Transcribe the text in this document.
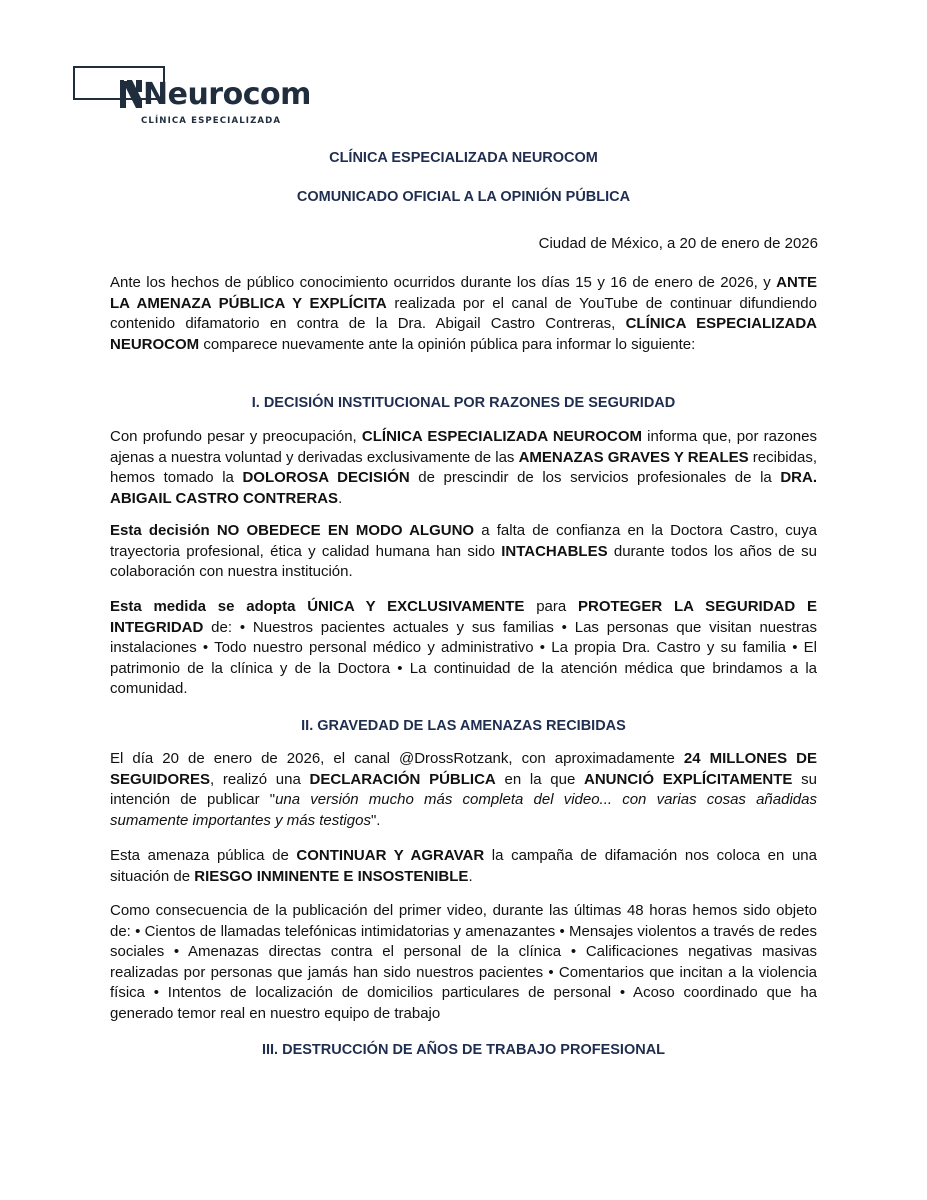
Neurocom
CLÍNICA ESPECIALIZADA
CLÍNICA ESPECIALIZADA NEUROCOM
COMUNICADO OFICIAL A LA OPINIÓN PÚBLICA
Ciudad de México, a 20 de enero de 2026
Ante los hechos de público conocimiento ocurridos durante los días 15 y 16 de enero de 2026, y ANTE LA AMENAZA PÚBLICA Y EXPLÍCITA realizada por el canal de YouTube de continuar difundiendo contenido difamatorio en contra de la Dra. Abigail Castro Contreras, CLÍNICA ESPECIALIZADA NEUROCOM comparece nuevamente ante la opinión pública para informar lo siguiente:
I. DECISIÓN INSTITUCIONAL POR RAZONES DE SEGURIDAD
Con profundo pesar y preocupación, CLÍNICA ESPECIALIZADA NEUROCOM informa que, por razones ajenas a nuestra voluntad y derivadas exclusivamente de las AMENAZAS GRAVES Y REALES recibidas, hemos tomado la DOLOROSA DECISIÓN de prescindir de los servicios profesionales de la DRA. ABIGAIL CASTRO CONTRERAS.
Esta decisión NO OBEDECE EN MODO ALGUNO a falta de confianza en la Doctora Castro, cuya trayectoria profesional, ética y calidad humana han sido INTACHABLES durante todos los años de su colaboración con nuestra institución.
Esta medida se adopta ÚNICA Y EXCLUSIVAMENTE para PROTEGER LA SEGURIDAD E INTEGRIDAD de: • Nuestros pacientes actuales y sus familias • Las personas que visitan nuestras instalaciones • Todo nuestro personal médico y administrativo • La propia Dra. Castro y su familia • El patrimonio de la clínica y de la Doctora • La continuidad de la atención médica que brindamos a la comunidad.
II. GRAVEDAD DE LAS AMENAZAS RECIBIDAS
El día 20 de enero de 2026, el canal @DrossRotzank, con aproximadamente 24 MILLONES DE SEGUIDORES, realizó una DECLARACIÓN PÚBLICA en la que ANUNCIÓ EXPLÍCITAMENTE su intención de publicar "una versión mucho más completa del video... con varias cosas añadidas sumamente importantes y más testigos".
Esta amenaza pública de CONTINUAR Y AGRAVAR la campaña de difamación nos coloca en una situación de RIESGO INMINENTE E INSOSTENIBLE.
Como consecuencia de la publicación del primer video, durante las últimas 48 horas hemos sido objeto de: • Cientos de llamadas telefónicas intimidatorias y amenazantes • Mensajes violentos a través de redes sociales • Amenazas directas contra el personal de la clínica • Calificaciones negativas masivas realizadas por personas que jamás han sido nuestros pacientes • Comentarios que incitan a la violencia física • Intentos de localización de domicilios particulares de personal • Acoso coordinado que ha generado temor real en nuestro equipo de trabajo
III. DESTRUCCIÓN DE AÑOS DE TRABAJO PROFESIONAL
